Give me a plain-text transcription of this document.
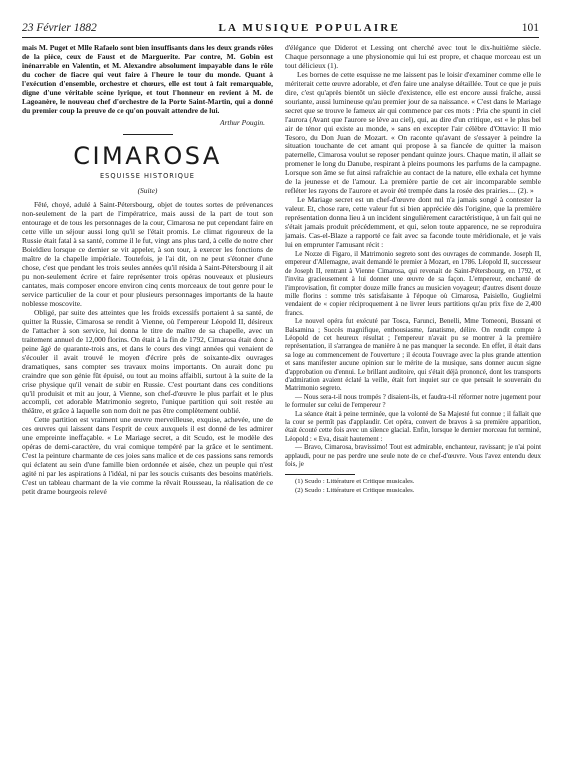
23 Février 1882	LA MUSIQUE POPULAIRE	101

mais M. Puget et Mlle Rafaelo sont bien insuffisants dans les deux grands rôles de la pièce, ceux de Faust et de Marguerite. Par contre, M. Gobin est inénarrable en Valentin, et M. Alexandre absolument impayable dans le rôle du cocher de fiacre qui veut faire à l'heure le tour du monde. Quant à l'exécution d'ensemble, orchestre et chœurs, elle est tout à fait remarquable, digne d'une véritable scène lyrique, et tout l'honneur en revient à M. de Lagoanère, le nouveau chef d'orchestre de la Porte Saint-Martin, qui a donné du premier coup la preuve de ce qu'on pouvait attendre de lui.

Arthur Pougin.

CIMAROSA
ESQUISSE HISTORIQUE
(Suite)

Fêté, choyé, adulé à Saint-Pétersbourg, objet de toutes sortes de prévenances non-seulement de la part de l'impératrice, mais aussi de la part de tout son entourage et de tous les personnages de la cour, Cimarosa ne put cependant faire en cette ville un séjour aussi long qu'il se l'était promis. Le climat rigoureux de la Russie était fatal à sa santé, comme il le fut, vingt ans plus tard, à celle de notre cher Boieldieu lorsque ce dernier se vit appeler, à son tour, à exercer les fonctions de maître de la chapelle impériale. Toutefois, je l'ai dit, on ne peut s'étonner d'une chose, c'est que pendant les trois seules années qu'il résida à Saint-Pétersbourg il ait pu non-seulement écrire et faire représenter trois opéras nouveaux et plusieurs cantates, mais composer encore environ cinq cents morceaux de tout genre pour le service particulier de la cour et pour plusieurs personnages importants de la haute noblesse moscovite.

Obligé, par suite des atteintes que les froids excessifs portaient à sa santé, de quitter la Russie, Cimarosa se rendit à Vienne, où l'empereur Léopold II, désireux de l'attacher à son service, lui donna le titre de maître de sa chapelle, avec un traitement annuel de 12,000 florins. On était à la fin de 1792, Cimarosa était donc à peine âgé de quarante-trois ans, et dans le cours des vingt années qui venaient de s'écouler il avait trouvé le moyen d'écrire près de soixante-dix ouvrages dramatiques, sans compter ses travaux moins importants. On aurait donc pu craindre que son génie fût épuisé, ou tout au moins affaibli, surtout à la suite de la crise physique qu'il venait de subir en Russie. C'est pourtant dans ces conditions qu'il produisit et mit au jour, à Vienne, son chef-d'œuvre le plus parfait et le plus accompli, cet adorable Matrimonio segreto, l'unique partition qui soit restée au théâtre, et grâce à laquelle son nom doit ne pas être complètement oublié.

Cette partition est vraiment une œuvre merveilleuse, exquise, achevée, une de ces œuvres qui laissent dans l'esprit de ceux auxquels il est donné de les admirer une empreinte ineffaçable. « Le Mariage secret, a dit Scudo, est le modèle des opéras de demi-caractère, du vrai comique tempéré par la grâce et le sentiment. C'est la peinture charmante de ces joies sans malice et de ces passions sans remords qui éclatent au sein d'une famille bien ordonnée et aisée, chez un peuple qui n'est agité ni par les aspirations à l'idéal, ni par les soucis cuisants des besoins matériels. C'est un tableau charmant de la vie comme la rêvait Rousseau, la réalisation de ce petit drame bourgeois relevé

d'élégance que Diderot et Lessing ont cherché avec tout le dix-huitième siècle. Chaque personnage a une physionomie qui lui est propre, et chaque morceau est un tout délicieux (1).

Les bornes de cette esquisse ne me laissent pas le loisir d'examiner comme elle le mériterait cette œuvre adorable, et d'en faire une analyse détaillée. Tout ce que je puis dire, c'est qu'après bientôt un siècle d'existence, elle est encore aussi fraîche, aussi souriante, aussi lumineuse qu'au premier jour de sa naissance. « C'est dans le Mariage secret que se trouve le fameux air qui commence par ces mots : Pria che spunti in ciel l'aurora (Avant que l'aurore se lève au ciel), qui, au dire d'un critique, est « le plus bel air de ténor qui existe au monde, » sans en excepter l'air célèbre d'Ottavio: Il mio Tesoro, du Don Juan de Mozart. « On raconte qu'avant de s'essayer à peindre la situation touchante de cet amant qui propose à sa fiancée de quitter la maison paternelle, Cimarosa voulut se reposer pendant quinze jours. Chaque matin, il allait se promener le long du Danube, respirant à pleins poumons les parfums de la campagne. Lorsque son âme se fut ainsi rafraîchie au contact de la nature, elle exhala cet hymne de la jeunesse et de l'amour. La première partie de cet air incomparable semble refléter les rayons de l'aurore et avoir été trempée dans la rosée des prairies.... (2). »

Le Mariage secret est un chef-d'œuvre dont nul n'a jamais songé à contester la valeur. Et, chose rare, cette valeur fut si bien appréciée dès l'origine, que la première représentation donna lieu à un incident singulièrement caractéristique, à un fait qui ne s'était jamais produit précédemment, et qui, selon toute apparence, ne se reproduira jamais. Cas-el-Blaze a rapporté ce fait avec sa faconde toute méridionale, et je vais lui en emprunter l'amusant récit :

Le Nozze di Figaro, il Matrimonio segreto sont des ouvrages de commande. Joseph II, empereur d'Allemagne, avait demandé le premier à Mozart, en 1786. Léopold II, successeur de Joseph II, rentrant à Vienne Cimarosa, qui revenait de Saint-Pétersbourg, en 1792, et l'invita gracieusement à lui donner une œuvre de sa façon. L'empereur, enchanté de l'improvisation, fit compter douze mille francs au musicien voyageur; d'autres disent douze mille florins : somme très satisfaisante à l'époque où Cimarosa, Paisiello, Guglielmi vendaient de « copier réciproquement à ne livrer leurs partitions qu'au prix fixe de 2,400 francs.

Le nouvel opéra fut exécuté par Tosca, Farunci, Benelli, Mme Tomeoni, Bussani et Balsamina ; Succès magnifique, enthousiasme, fanatisme, délire. On rendit compte à Léopold de cet heureux résultat ; l'empereur n'avait pu se montrer à la première représentation, il s'arrangea de manière à ne pas manquer la seconde. En effet, il était dans sa loge au commencement de l'ouverture ; il écouta l'ouvrage avec la plus grande attention et sans manifester aucune opinion sur le mérite de la musique, sans donner aucun signe d'approbation ou d'ennui. Le brillant auditoire, qui s'était déjà prononcé, dont les transports d'admiration avaient éclaté la veille, était fort inquiet sur ce que pensait le souverain du Matrimonio segreto.

— Nous sera-t-il nous trompés ? disaient-ils, et faudra-t-il réformer notre jugement pour le formuler sur celui de l'empereur ?

La séance était à peine terminée, que la volonté de Sa Majesté fut connue ; il fallait que la cour se permît pas d'applaudir. Cet opéra, convert de bravos à sa première apparition, était écouté cette fois avec un silence glacial. Enfin, lorsque le dernier morceau fut terminé, Léopold : « Eva, disait hautement :

— Bravo, Cimarosa, bravissimo! Tout est admirable, enchanteur, ravissant; je n'ai point applaudi, pour ne pas perdre une seule note de ce chef-d'œuvre. Vous l'avez entendu deux fois, je

(1) Scudo : Littérature et Critique musicales.

(2) Scudo : Littérature et Critique musicales.
